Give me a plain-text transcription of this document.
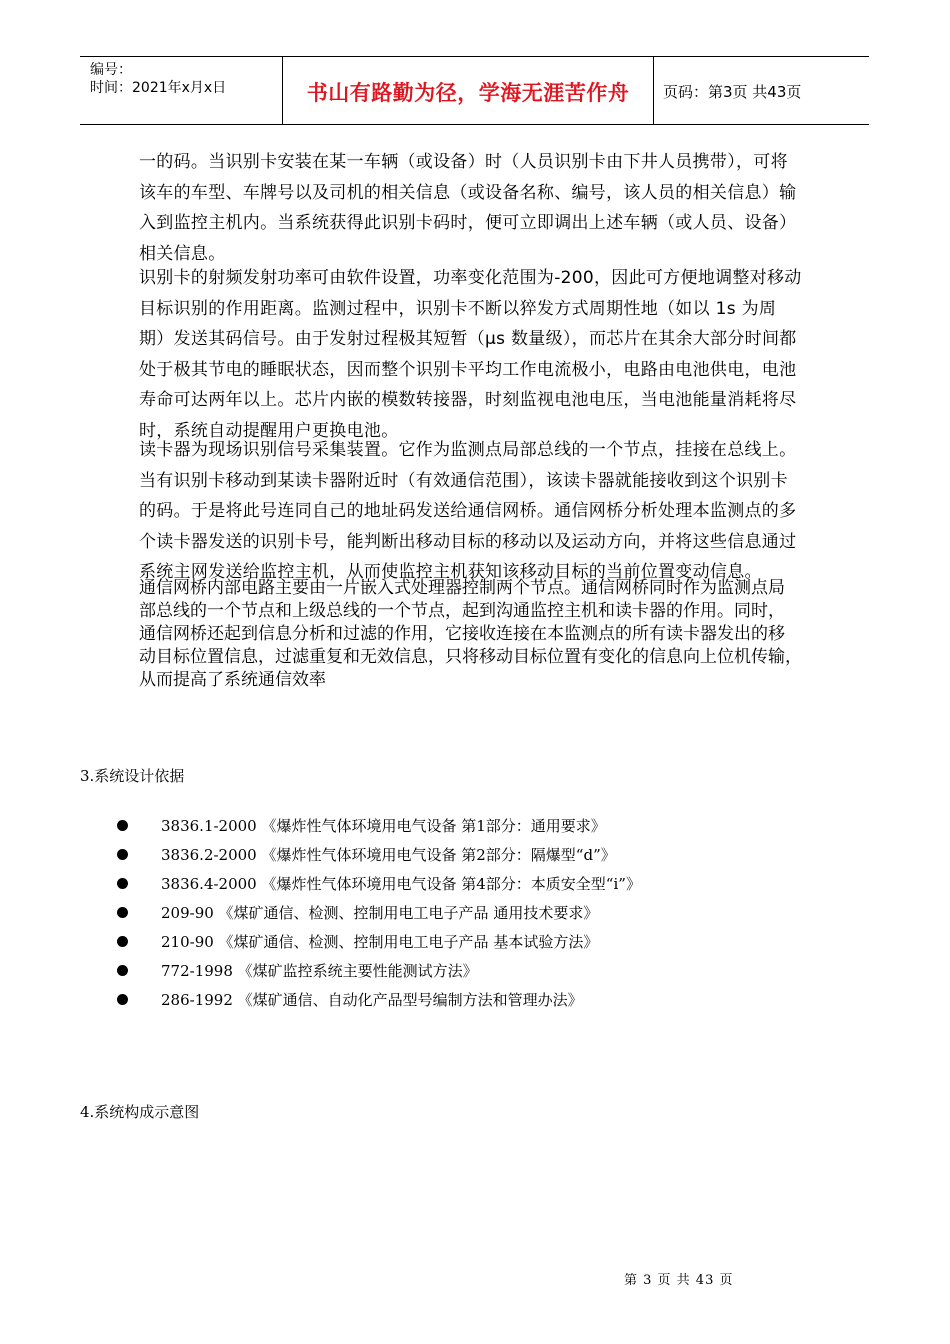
编号：
时间：2021年x月x日	书山有路勤为径，学海无涯苦作舟	页码：第3页 共43页
一的码。当识别卡安装在某一车辆（或设备）时（人员识别卡由下井人员携带），可将
该车的车型、车牌号以及司机的相关信息（或设备名称、编号，该人员的相关信息）输
入到监控主机内。当系统获得此识别卡码时，便可立即调出上述车辆（或人员、设备）
相关信息。
识别卡的射频发射功率可由软件设置，功率变化范围为-200，因此可方便地调整对移动
目标识别的作用距离。监测过程中，识别卡不断以猝发方式周期性地（如以 1s 为周
期）发送其码信号。由于发射过程极其短暂（μs 数量级），而芯片在其余大部分时间都
处于极其节电的睡眠状态，因而整个识别卡平均工作电流极小，电路由电池供电，电池
寿命可达两年以上。芯片内嵌的模数转接器，时刻监视电池电压，当电池能量消耗将尽
时，系统自动提醒用户更换电池。
读卡器为现场识别信号采集装置。它作为监测点局部总线的一个节点，挂接在总线上。
当有识别卡移动到某读卡器附近时（有效通信范围），该读卡器就能接收到这个识别卡
的码。于是将此号连同自己的地址码发送给通信网桥。通信网桥分析处理本监测点的多
个读卡器发送的识别卡号，能判断出移动目标的移动以及运动方向，并将这些信息通过
系统主网发送给监控主机，从而使监控主机获知该移动目标的当前位置变动信息。
通信网桥内部电路主要由一片嵌入式处理器控制两个节点。通信网桥同时作为监测点局
部总线的一个节点和上级总线的一个节点，起到沟通监控主机和读卡器的作用。同时，
通信网桥还起到信息分析和过滤的作用，它接收连接在本监测点的所有读卡器发出的移
动目标位置信息，过滤重复和无效信息，只将移动目标位置有变化的信息向上位机传输，
从而提高了系统通信效率
3.系统设计依据
3836.1-2000 《爆炸性气体环境用电气设备 第1部分：通用要求》
3836.2-2000 《爆炸性气体环境用电气设备 第2部分：隔爆型“d”》
3836.4-2000 《爆炸性气体环境用电气设备 第4部分：本质安全型“i”》
209-90 《煤矿通信、检测、控制用电工电子产品 通用技术要求》
210-90 《煤矿通信、检测、控制用电工电子产品 基本试验方法》
772-1998 《煤矿监控系统主要性能测试方法》
286-1992 《煤矿通信、自动化产品型号编制方法和管理办法》
4.系统构成示意图
第 3 页 共 43 页
